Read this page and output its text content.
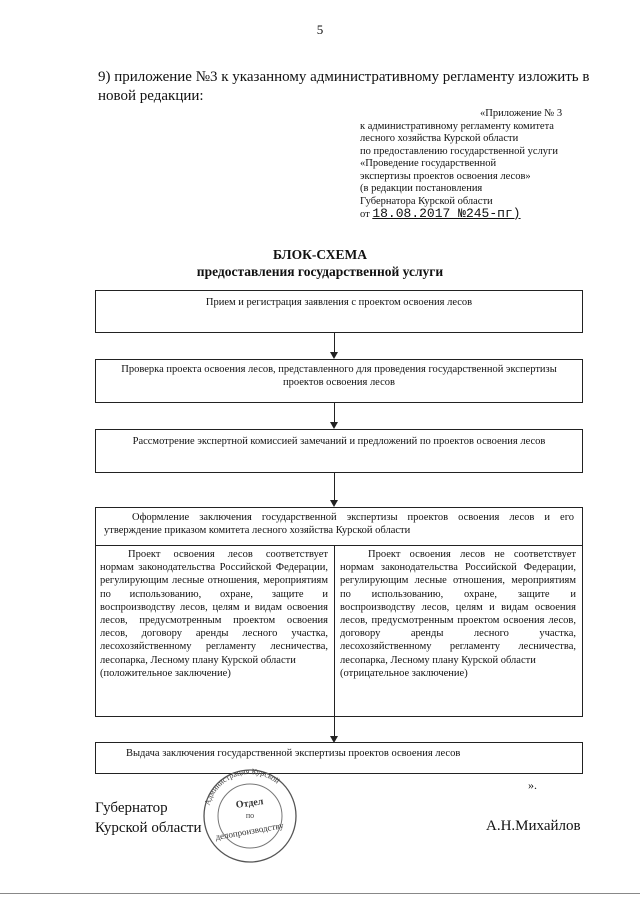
5
9) приложение №3 к указанному административному регламенту изложить в новой редакции:
«Приложение № 3
к административному регламенту комитета
лесного хозяйства Курской области
по предоставлению государственной услуги
«Проведение государственной
экспертизы проектов освоения лесов»
(в редакции постановления
Губернатора Курской области
от 18.08.2017 №245-пг)
БЛОК-СХЕМА
предоставления государственной услуги
Прием и регистрация заявления с проектом освоения лесов
Проверка проекта освоения лесов, представленного для проведения государственной экспертизы проектов освоения лесов
Рассмотрение экспертной комиссией замечаний и предложений по проектов освоения лесов
Оформление заключения государственной экспертизы проектов освоения лесов и его утверждение приказом комитета лесного хозяйства Курской области
Проект освоения лесов соответствует нормам законодательства Российской Федерации, регулирующим лесные отношения, мероприятиям по использованию, охране, защите и воспроизводству лесов, целям и видам освоения лесов, предусмотренным проектом освоения лесов, договору аренды лесного участка, лесохозяйственному регламенту лесничества, лесопарка, Лесному плану Курской области
(положительное заключение)
Проект освоения лесов не соответствует нормам законодательства Российской Федерации, регулирующим лесные отношения, мероприятиям по использованию, охране, защите и воспроизводству лесов, целям и видам освоения лесов, предусмотренным проектом освоения лесов, договору аренды лесного участка, лесохозяйственному регламенту лесничества, лесопарка, Лесному плану Курской области
(отрицательное заключение)
Выдача заключения государственной экспертизы проектов освоения лесов
».
Администрация Курской
Отдел
по
делопроизводству
Губернатор
Курской области	А.Н.Михайлов
